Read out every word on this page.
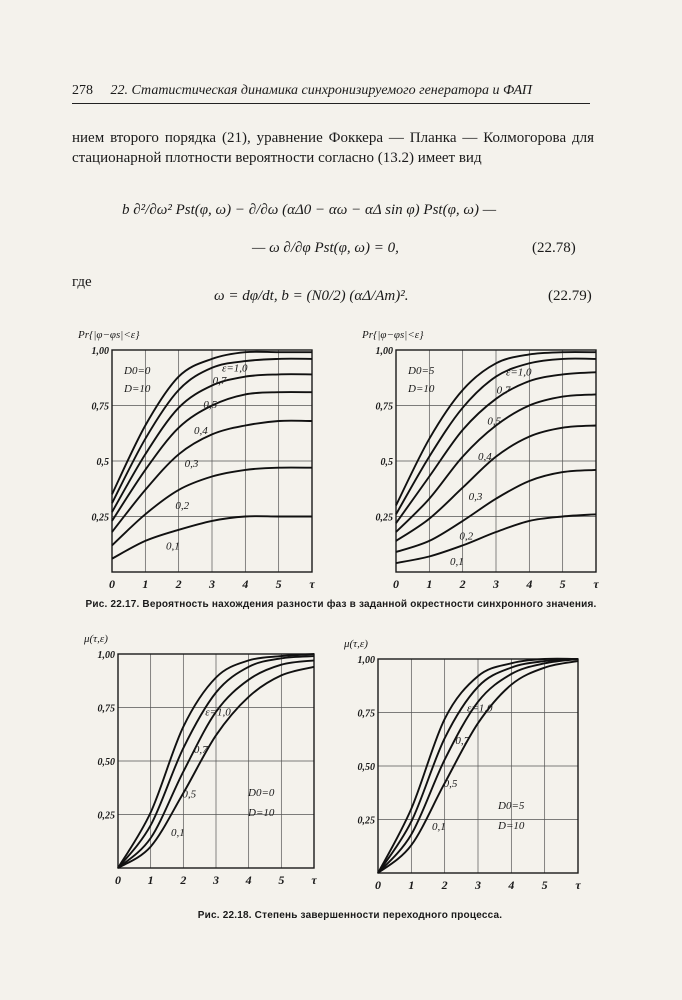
278 22. Статистическая динамика синхронизируемого генератора и ФАП
нием второго порядка (21), уравнение Фоккера — Планка — Колмогорова для стационарной плотности вероятности согласно (13.2) имеет вид
b ∂²/∂ω² Pst(φ, ω) − ∂/∂ω (αΔ0 − αω − αΔ sin φ) Pst(φ, ω) —
— ω ∂/∂φ Pst(φ, ω) = 0,	(22.78)
где
ω = dφ/dt, b = (N0/2) (αΔ/Am)².	(22.79)
0 1 2 3 4 5 τ
0,25
0,5
0,75
1,00
Pr{|φ−φs|<ε}
D0=0
D=10
0,1
0,2
0,3
0,4
0,5
0,7
ε=1,0
0 1 2 3 4 5 τ
0,25
0,5
0,75
1,00
Pr{|φ−φs|<ε}
D0=5
D=10
0,1
0,2
0,3
0,4
0,5
0,7
ε=1,0
Рис. 22.17. Вероятность нахождения разности фаз в заданной окрестности синхронного значения.
0 1 2 3 4 5 τ
0,25
0,50
0,75
1,00
μ(τ,ε)
D0=0
D=10
0,1
0,5
0,7
ε=1,0
0 1 2 3 4 5 τ
0,25
0,50
0,75
1,00
μ(τ,ε)
D0=5
D=10
0,1
0,5
0,7
ε=1,0
Рис. 22.18. Степень завершенности переходного процесса.
